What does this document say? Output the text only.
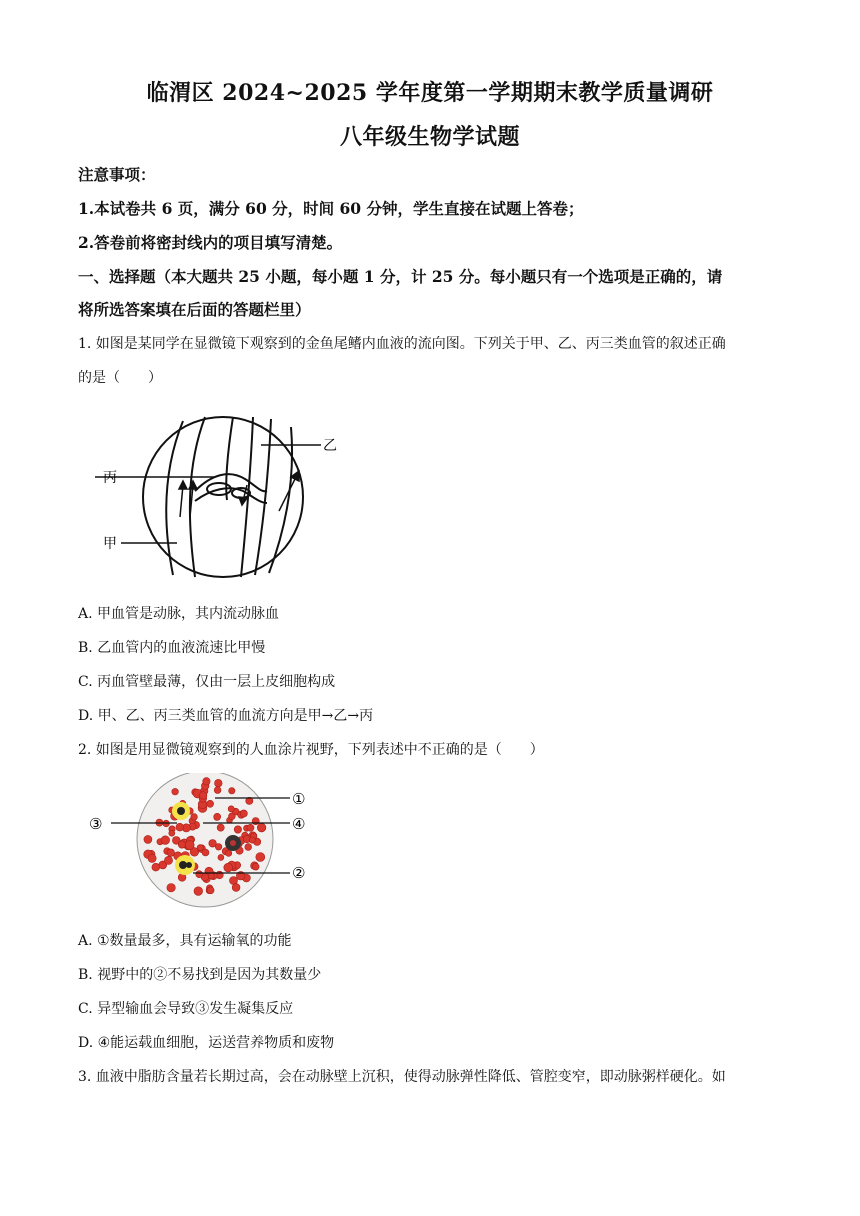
临渭区 2024~2025 学年度第一学期期末教学质量调研
八年级生物学试题
注意事项：
1.本试卷共 6 页，满分 60 分，时间 60 分钟，学生直接在试题上答卷；
2.答卷前将密封线内的项目填写清楚。
一、选择题（本大题共 25 小题，每小题 1 分，计 25 分。每小题只有一个选项是正确的，请
将所选答案填在后面的答题栏里）
1. 如图是某同学在显微镜下观察到的金鱼尾鳍内血液的流向图。下列关于甲、乙、丙三类血管的叙述正确
的是（　　）
丙
甲
乙
A. 甲血管是动脉，其内流动脉血
B. 乙血管内的血液流速比甲慢
C. 丙血管壁最薄，仅由一层上皮细胞构成
D. 甲、乙、丙三类血管的血流方向是甲→乙→丙
2. 如图是用显微镜观察到的人血涂片视野，下列表述中不正确的是（　　）
①
④
③
②
A. ①数量最多，具有运输氧的功能
B. 视野中的②不易找到是因为其数量少
C. 异型输血会导致③发生凝集反应
D. ④能运载血细胞，运送营养物质和废物
3. 血液中脂肪含量若长期过高，会在动脉壁上沉积，使得动脉弹性降低、管腔变窄，即动脉粥样硬化。如
